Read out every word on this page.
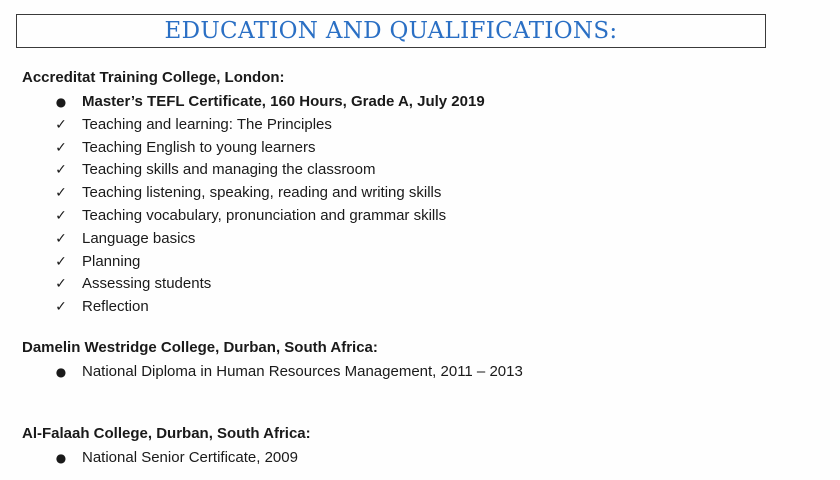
EDUCATION AND QUALIFICATIONS:
Accreditat Training College, London:
● Master’s TEFL Certificate, 160 Hours, Grade A, July 2019
✓ Teaching and learning: The Principles
✓ Teaching English to young learners
✓ Teaching skills and managing the classroom
✓ Teaching listening, speaking, reading and writing skills
✓ Teaching vocabulary, pronunciation and grammar skills
✓ Language basics
✓ Planning
✓ Assessing students
✓ Reflection
Damelin Westridge College, Durban, South Africa:
● National Diploma in Human Resources Management, 2011 – 2013
Al-Falaah College, Durban, South Africa:
● National Senior Certificate, 2009
